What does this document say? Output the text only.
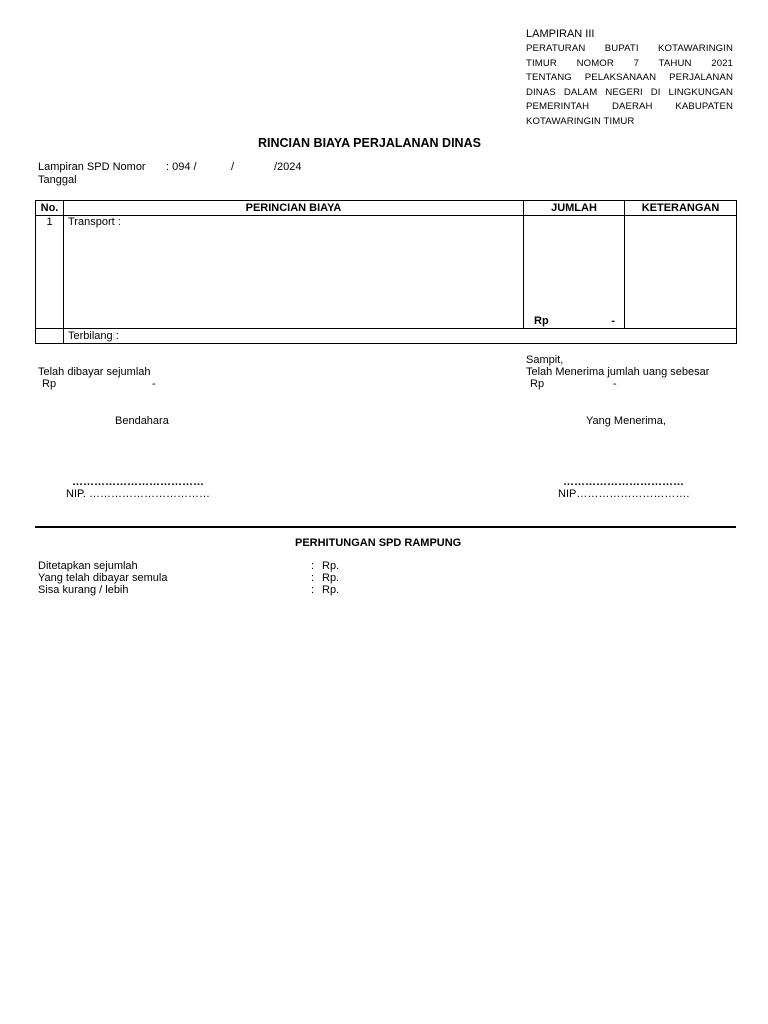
LAMPIRAN III
PERATURAN BUPATI KOTAWARINGIN
TIMUR NOMOR 7 TAHUN 2021
TENTANG PELAKSANAAN PERJALANAN
DINAS DALAM NEGERI DI LINGKUNGAN
PEMERINTAH DAERAH KABUPATEN
KOTAWARINGIN TIMUR
RINCIAN BIAYA PERJALANAN DINAS
Lampiran SPD Nomor : 094 /	/	/2024
Tanggal
No.	PERINCIAN BIAYA	JUMLAH	KETERANGAN

1	Transport :	Rp -	

	Terbilang :		
Sampit,
Telah dibayar sejumlah
Rp	-
Telah Menerima jumlah uang sebesar
Rp	-
Bendahara	Yang Menerima,
………………………………
NIP. ……………………………
……………………………
NIP………………………….
PERHITUNGAN SPD RAMPUNG
Ditetapkan sejumlah	: Rp.
Yang telah dibayar semula	: Rp.
Sisa kurang / lebih	: Rp.
